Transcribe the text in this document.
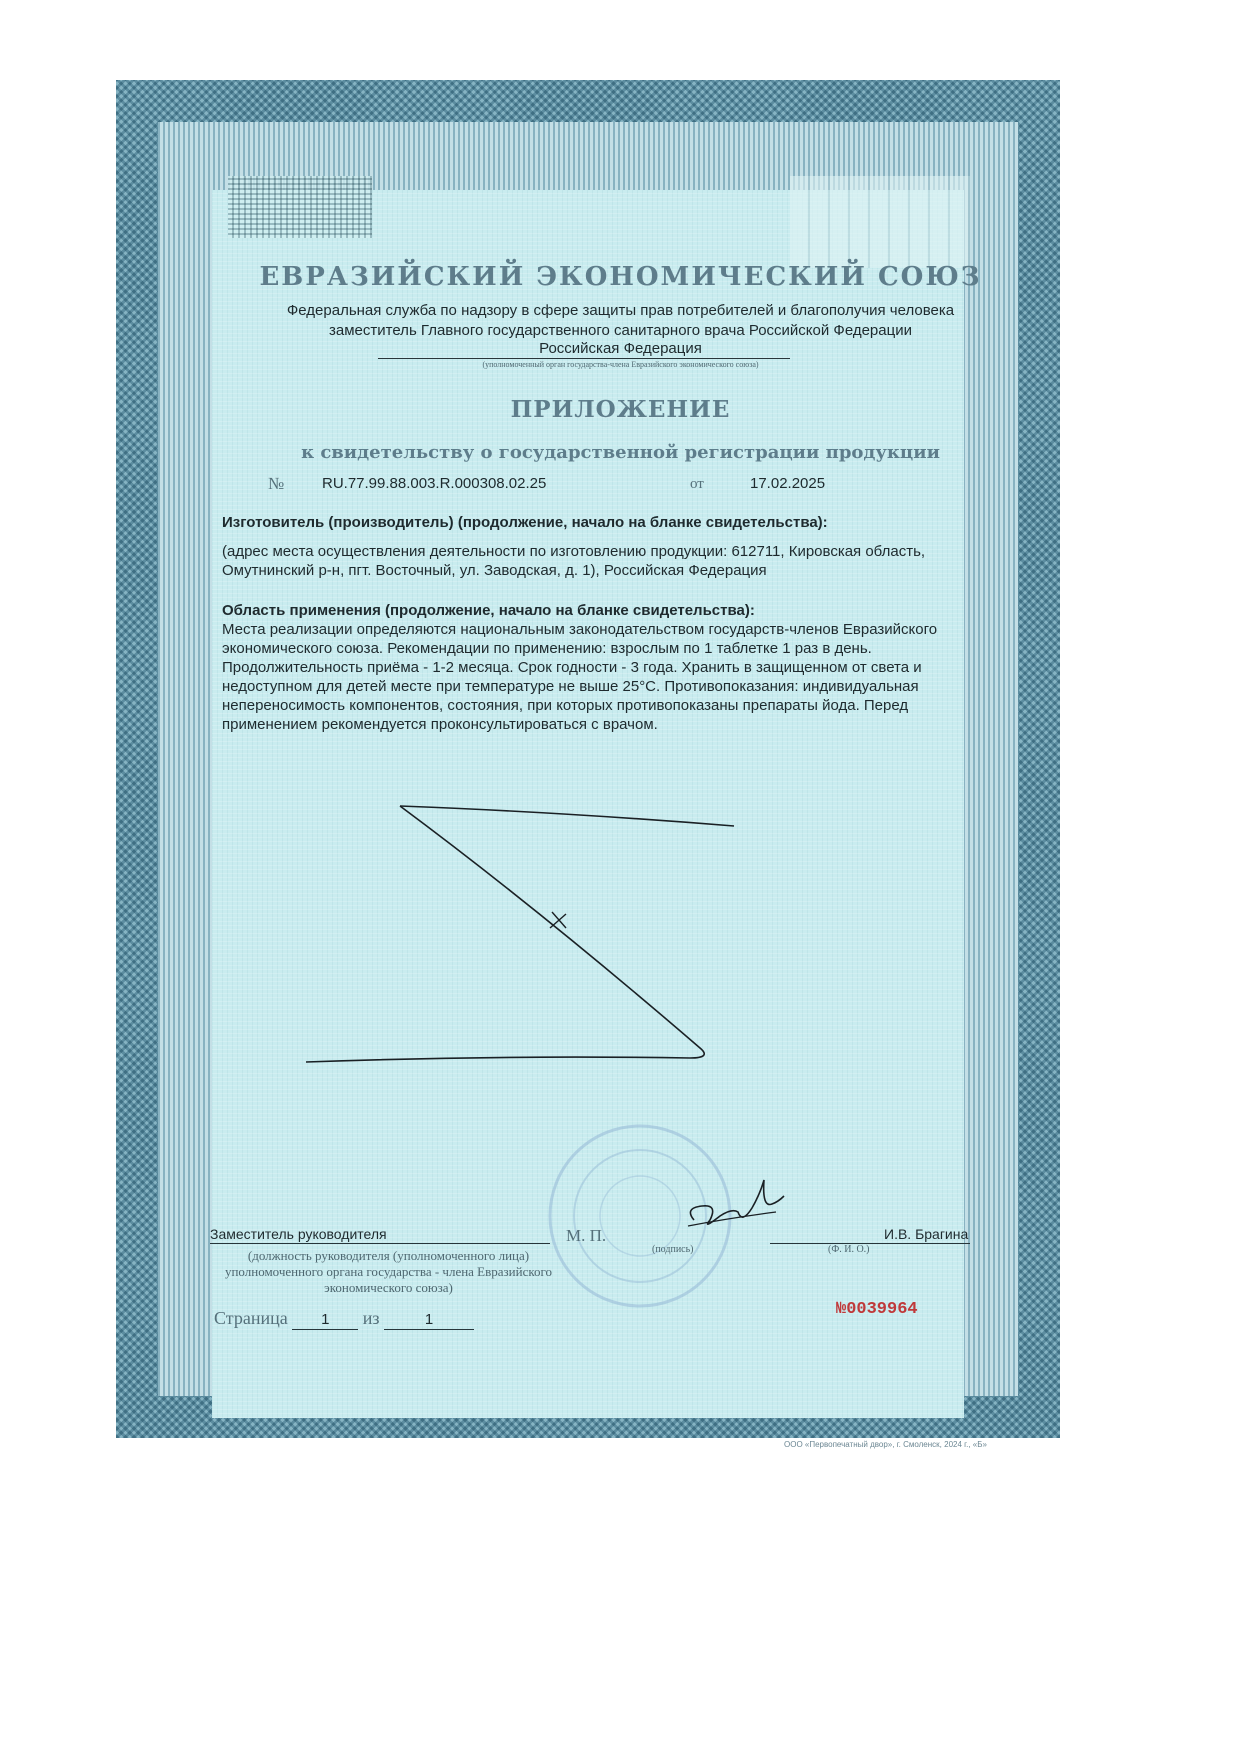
ЕВРАЗИЙСКИЙ ЭКОНОМИЧЕСКИЙ СОЮЗ
Федеральная служба по надзору в сфере защиты прав потребителей и благополучия человека
заместитель Главного государственного санитарного врача Российской Федерации
Российская Федерация
(уполномоченный орган государства-члена Евразийского экономического союза)
ПРИЛОЖЕНИЕ
к свидетельству о государственной регистрации продукции
№	RU.77.99.88.003.R.000308.02.25	от	17.02.2025
Изготовитель (производитель) (продолжение, начало на бланке свидетельства):
(адрес места осуществления деятельности по изготовлению продукции: 612711, Кировская область, Омутнинский р-н, пгт. Восточный, ул. Заводская, д. 1), Российская Федерация
Область применения (продолжение, начало на бланке свидетельства):
Места реализации определяются национальным законодательством государств-членов Евразийского экономического союза. Рекомендации по применению: взрослым по 1 таблетке 1 раз в день. Продолжительность приёма - 1-2 месяца. Срок годности - 3 года. Хранить в защищенном от света и недоступном для детей месте при температуре не выше 25°С. Противопоказания: индивидуальная непереносимость компонентов, состояния, при которых противопоказаны препараты йода. Перед применением рекомендуется проконсультироваться с врачом.
Заместитель руководителя	М. П.
(подпись)
И.В. Брагина
(Ф. И. О.)
(должность руководителя (уполномоченного лица) уполномоченного органа государства - члена Евразийского экономического союза)
Страница 1 из	1
№0039964
ООО «Первопечатный двор», г. Смоленск, 2024 г., «Б»
